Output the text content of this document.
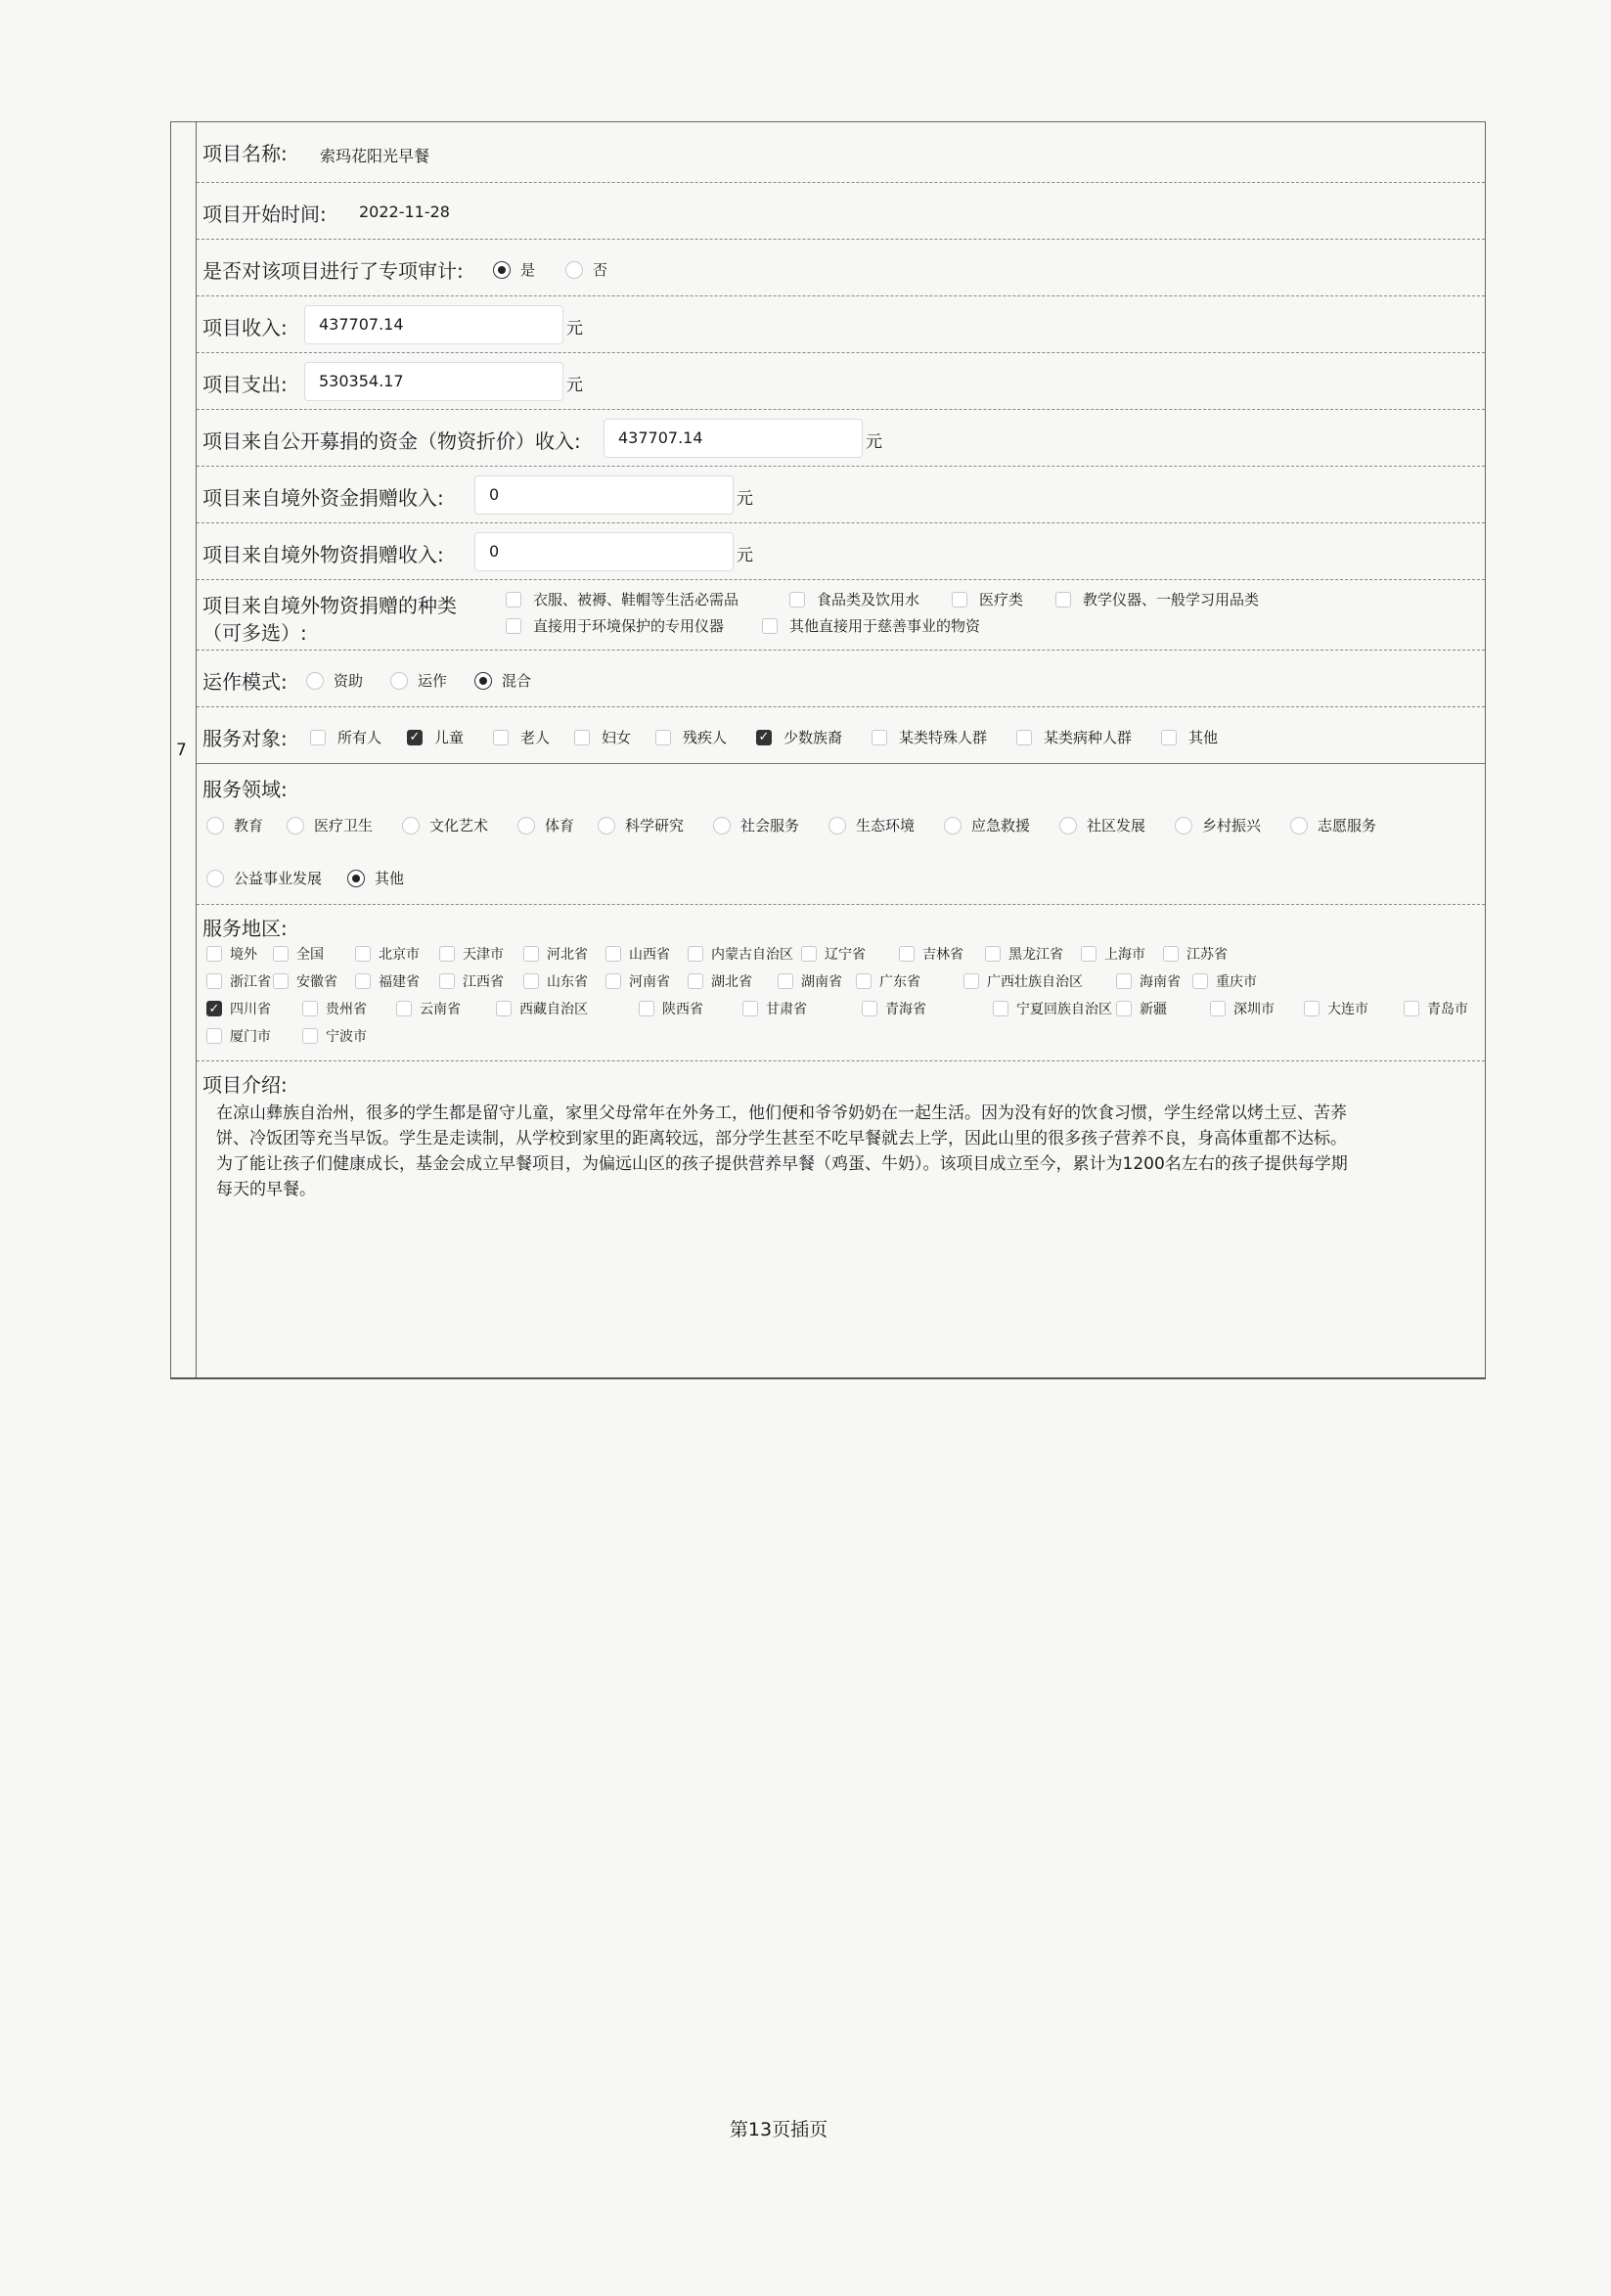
7
项目名称: 索玛花阳光早餐
项目开始时间: 2022-11-28
是否对该项目进行了专项审计:	是	否
项目收入:	437707.14	元
项目支出:	530354.17	元
项目来自公开募捐的资金（物资折价）收入:	437707.14	元
项目来自境外资金捐赠收入:	0	元
项目来自境外物资捐赠收入:	0	元
项目来自境外物资捐赠的种类
（可多选）:
衣服、被褥、鞋帽等生活必需品	食品类及饮用水	医疗类	教学仪器、一般学习用品类
直接用于环境保护的专用仪器	其他直接用于慈善事业的物资
运作模式:	资助	运作	混合
服务对象:	所有人 ✓ 儿童	老人	妇女	残疾人	✓ 少数族裔	某类特殊人群	某类病种人群	其他
服务领域:
教育	医疗卫生	文化艺术	体育	科学研究	社会服务	生态环境	应急救援	社区发展	乡村振兴	志愿服务
公益事业发展	其他
服务地区:
境外	全国	北京市	天津市	河北省	山西省	内蒙古自治区 辽宁省	吉林省	黑龙江省	上海市	江苏省
浙江省 安徽省	福建省	江西省	山东省	河南省	湖北省	湖南省	广东省	广西壮族自治区	海南省	重庆市
✓ 四川省	贵州省	云南省	西藏自治区	陕西省	甘肃省	青海省	宁夏回族自治区 新疆	深圳市	大连市	青岛市
厦门市	宁波市
项目介绍:
在凉山彝族自治州，很多的学生都是留守儿童，家里父母常年在外务工，他们便和爷爷奶奶在一起生活。因为没有好的饮食习惯，学生经常以烤土豆、苦荞
饼、冷饭团等充当早饭。学生是走读制，从学校到家里的距离较远，部分学生甚至不吃早餐就去上学，因此山里的很多孩子营养不良，身高体重都不达标。
为了能让孩子们健康成长，基金会成立早餐项目，为偏远山区的孩子提供营养早餐（鸡蛋、牛奶）。该项目成立至今，累计为1200名左右的孩子提供每学期
每天的早餐。
第13页插页
